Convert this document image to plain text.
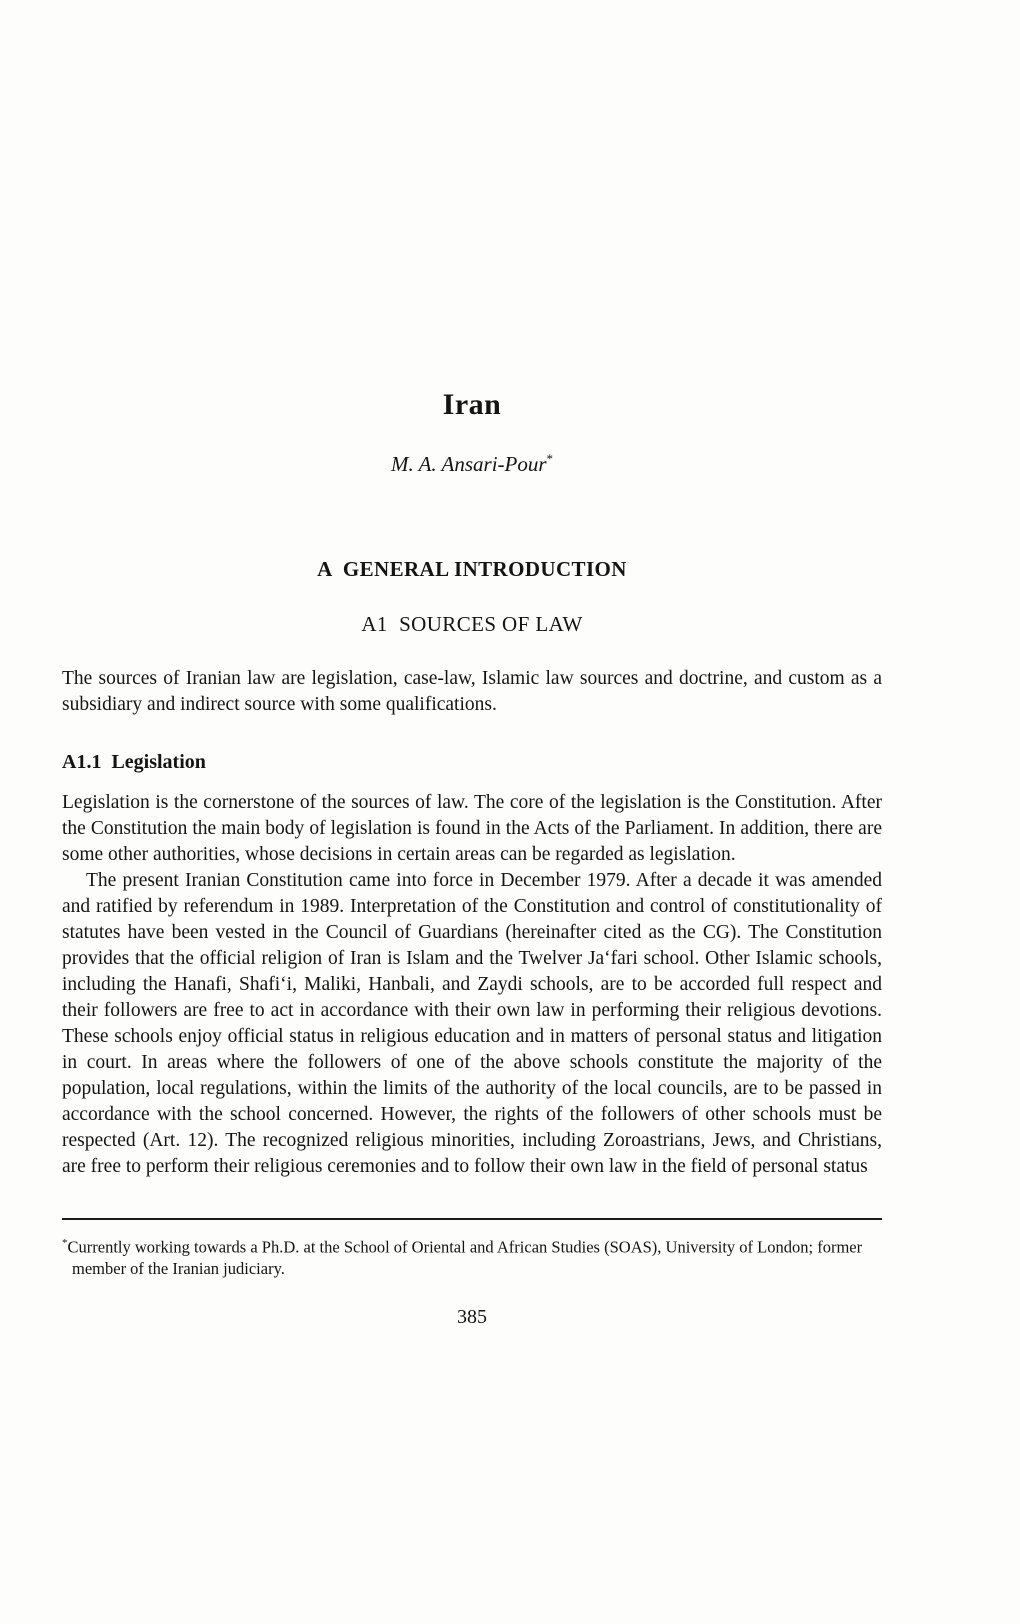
Iran
M. A. Ansari-Pour*
A  GENERAL INTRODUCTION
A1  SOURCES OF LAW

The sources of Iranian law are legislation, case-law, Islamic law sources and doctrine, and custom as a subsidiary and indirect source with some qualifications.

A1.1  Legislation

Legislation is the cornerstone of the sources of law. The core of the legislation is the Constitution. After the Constitution the main body of legislation is found in the Acts of the Parliament. In addition, there are some other authorities, whose decisions in certain areas can be regarded as legislation.

The present Iranian Constitution came into force in December 1979. After a decade it was amended and ratified by referendum in 1989. Interpretation of the Constitution and control of constitutionality of statutes have been vested in the Council of Guardians (hereinafter cited as the CG). The Constitution provides that the official religion of Iran is Islam and the Twelver Ja‘fari school. Other Islamic schools, including the Hanafi, Shafi‘i, Maliki, Hanbali, and Zaydi schools, are to be accorded full respect and their followers are free to act in accordance with their own law in performing their religious devotions. These schools enjoy official status in religious education and in matters of personal status and litigation in court. In areas where the followers of one of the above schools constitute the majority of the population, local regulations, within the limits of the authority of the local councils, are to be passed in accordance with the school concerned. However, the rights of the followers of other schools must be respected (Art. 12). The recognized religious minorities, including Zoroastrians, Jews, and Christians, are free to perform their religious ceremonies and to follow their own law in the field of personal status

*Currently working towards a Ph.D. at the School of Oriental and African Studies (SOAS), University of London; former member of the Iranian judiciary.
385
